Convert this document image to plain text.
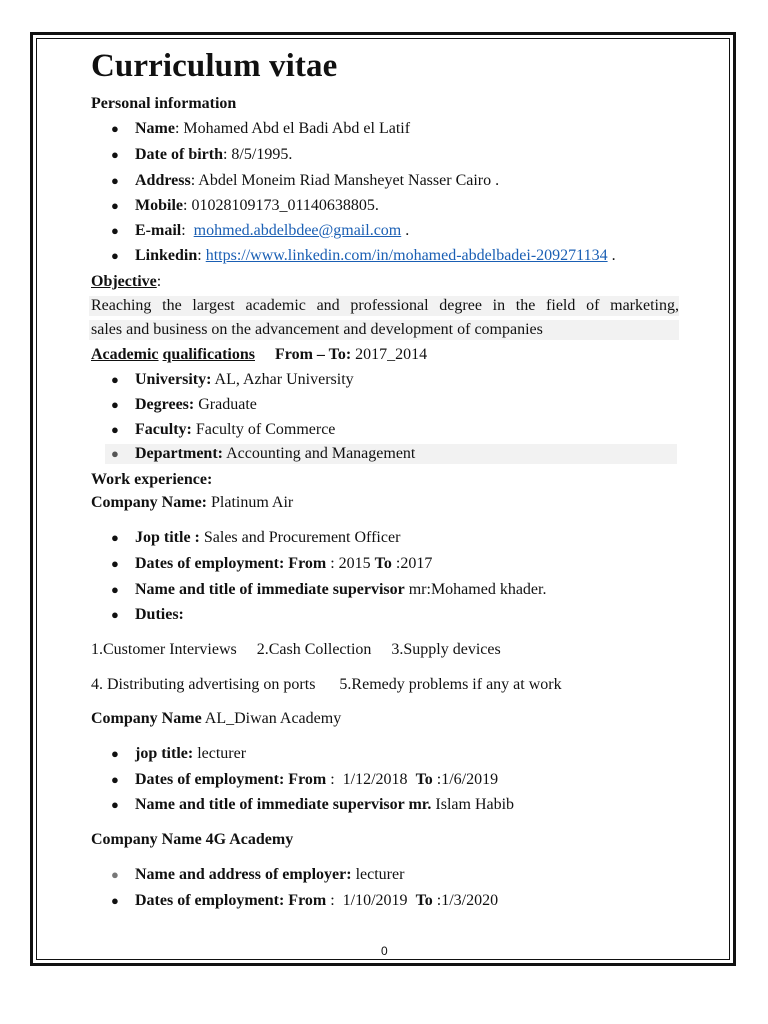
Curriculum vitae
Personal information
● Name: Mohamed Abd el Badi Abd el Latif
● Date of birth: 8/5/1995.
● Address: Abdel Moneim Riad Mansheyet Nasser Cairo .
● Mobile: 01028109173_01140638805.
● E-mail: mohmed.abdelbdee@gmail.com .
● Linkedin: https://www.linkedin.com/in/mohamed-abdelbadei-209271134 .
Objective:
Reaching the largest academic and professional degree in the field of marketing,
sales and business on the advancement and development of companies
Academic qualifications From – To: 2017_2014
● University: AL, Azhar University
● Degrees: Graduate
● Faculty: Faculty of Commerce
● Department: Accounting and Management
Work experience:
Company Name: Platinum Air
● Jop title : Sales and Procurement Officer
● Dates of employment: From : 2015 To :2017
● Name and title of immediate supervisor mr:Mohamed khader.
● Duties:
1.Customer Interviews     2.Cash Collection     3.Supply devices
4. Distributing advertising on ports      5.Remedy problems if any at work
Company Name AL_Diwan Academy
● jop title: lecturer
● Dates of employment: From :  1/12/2018  To :1/6/2019
● Name and title of immediate supervisor mr. Islam Habib
Company Name 4G Academy
● Name and address of employer: lecturer
● Dates of employment: From :  1/10/2019  To :1/3/2020
0
